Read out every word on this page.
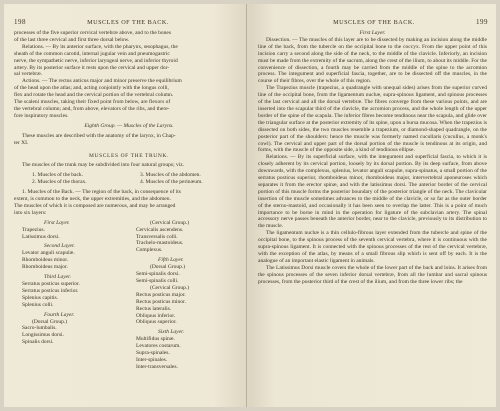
198	MUSCLES OF THE BACK.

processes of the five superior cervical vertebræ above, and to the bones

of the last three cervical and first three dorsal below.

Relations. — By its anterior surface, with the pharynx, œsophagus, the

sheath of the common carotid, internal jugular vein and pneumogastric

nerve, the sympathetic nerve, inferior laryngeal nerve, and inferior thyroid

artery. By its posterior surface it rests upon the cervical and upper dor-

sal vertebræ.

Actions. — The rectus anticus major and minor preserve the equilibrium

of the head upon the atlas; and, acting conjointly with the longus colli,

flex and rotate the head and the cervical portion of the vertebral column.

The scaleni muscles, taking their fixed point from below, are flexors of

the vertebral column; and, from above, elevators of the ribs, and there-

fore inspiratory muscles.

Eighth Group. — Muscles of the Larynx.

These muscles are described with the anatomy of the larynx, in Chap-

ter XI.

MUSCLES OF THE TRUNK.

The muscles of the trunk may be subdivided into four natural groups; viz.

1. Muscles of the back.	3. Muscles of the abdomen.
2. Muscles of the thorax.	4. Muscles of the perinæum.

1. Muscles of the Back. — The region of the back, in consequence of its

extent, is common to the neck, the upper extremities, and the abdomen.

The muscles of which it is composed are numerous, and may be arranged

into six layers:

First Layer.
Trapezius.
Latissimus dorsi.
Second Layer.
Levator anguli scapulæ.
Rhomboideus minor.
Rhomboideus major.
Third Layer.
Serratus posticus superior.
Serratus posticus inferior.
Splenius capitis.
Splenius colli.
Fourth Layer.
(Dorsal Group.)
Sacro-lumbalis.
Longissimus dorsi.
Spinalis dorsi.
(Cervical Group.)
Cervicalis ascendens.
Transversalis colli.
Trachelo-mastoideus.
Complexus.
Fifth Layer.
(Dorsal Group.)
Semi-spinalis dorsi.
Semi-spinalis colli.
(Cervical Group.)
Rectus posticus major.
Rectus posticus minor.
Rectus lateralis.
Obliquus inferior.
Obliquus superior.
Sixth Layer.
Multifidus spinæ.
Levatores costarum.
Supra-spinales.
Inter-spinales.
Inter-transversales.
MUSCLES OF THE BACK.	199
First Layer.

Dissection. — The muscles of this layer are to be dissected by making an incision along the middle line of the back, from the tubercle on the occipital bone to the coccyx. From the upper point of this incision carry a second along the side of the neck, to the middle of the clavicle. Inferiorly, an incision must be made from the extremity of the sacrum, along the crest of the ilium, to about its middle. For the convenience of dissection, a fourth may be carried from the middle of the spine to the acromion process. The integument and superficial fascia, together, are to be dissected off the muscles, in the course of their fibres, over the whole of this region.

The Trapezius muscle (trapezius, a quadrangle with unequal sides) arises from the superior curved line of the occipital bone, from the ligamentum nuchæ, supra-spinous ligament, and spinous processes of the last cervical and all the dorsal vertebræ. The fibres converge from these various points, and are inserted into the scapular third of the clavicle, the acromion process, and the whole length of the upper border of the spine of the scapula. The inferior fibres become tendinous near the scapula, and glide over the triangular surface at the posterior extremity of its spine, upon a bursa mucosa. When the trapezius is dissected on both sides, the two muscles resemble a trapezium, or diamond-shaped quadrangle, on the posterior part of the shoulders: hence the muscle was formerly named cucullaris (cucullus, a monk's cowl). The cervical and upper part of the dorsal portion of the muscle is tendinous at its origin, and forms, with the muscle of the opposite side, a kind of tendinous ellipse.

Relations. — By its superficial surface, with the integument and superficial fascia, to which it is closely adherent by its cervical portion, loosely by its dorsal portion. By its deep surface, from above downwards, with the complexus, splenius, levator anguli scapulæ, supra-spinatus, a small portion of the serratus posticus superior, rhomboideus minor, rhomboideus major, intervertebral aponeuroses which separates it from the erector spinæ, and with the latissimus dorsi. The anterior border of the cervical portion of this muscle forms the posterior boundary of the posterior triangle of the neck. The clavicular insertion of the muscle sometimes advances to the middle of the clavicle, or so far as the outer border of the sterno-mastoid, and occasionally it has been seen to overlap the latter. This is a point of much importance to be borne in mind in the operation for ligature of the subclavian artery. The spinal accessory nerve passes beneath the anterior border, near to the clavicle, previously to its distribution to the muscle.

The ligamentum nuchæ is a thin cellulo-fibrous layer extended from the tubercle and spine of the occipital bone, to the spinous process of the seventh cervical vertebra, where it is continuous with the supra-spinous ligament. It is connected with the spinous processes of the rest of the cervical vertebræ, with the exception of the atlas, by means of a small fibrous slip which is sent off by each. It is the analogue of an important elastic ligament in animals.

The Latissimus Dorsi muscle covers the whole of the lower part of the back and loins. It arises from the spinous processes of the seven inferior dorsal vertebræ, from all the lumbar and sacral spinous processes, from the posterior third of the crest of the ilium, and from the three lower ribs; the
